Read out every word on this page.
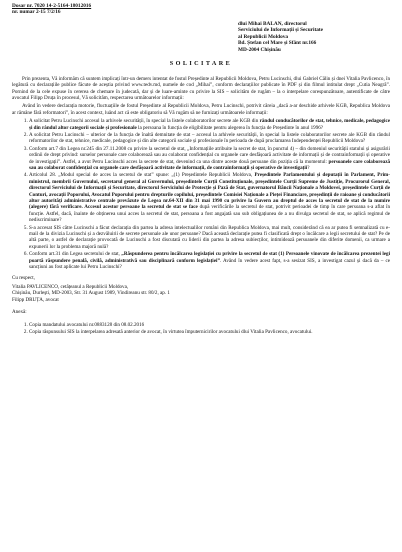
Dosar nr. 7020 14-2-5164-18012016
nr. numar 2-15 7/2/16
dlui Mihai BALAN, directorul
Serviciului de Informații și Securitate
al Republicii Moldova
Bd. Ștefan cel Mare și Sfânt nr.166
MD-2004 Chișinău
SOLICITARE

Prin prezenta, Vă informăm că suntem implicați într-un demers intentat de fostul Președinte al Republicii Moldova, Petru Lucinschi, dlui Gabriel Călin și dnei Vitalia Pavlicenco, în legătură cu declarațiile publice făcute de aceștia privind www.tedv.md, numele de cod „Mihai”, conform declarațiilor publicate în PDF și din filmul intitulat drept „Cutia Neagră”. Pornind de la cele expuse în cererea de chemare în judecată, dar și de luare-aminte cu privire la SIS – solicităm de rugăm – la o interpelare corespunzătoare, autentificate de către avocatul Filipp Druța în procesul, Vă solicităm, respectarea următoarelor informații:

Având în vedere declarația motorie, fluctuațiile de fostul Președinte al Republicii Moldova, Petru Lucinschi, potrivit căreia „dacă a-ar deschide arhivele KGB, Republica Moldova ar rămâne fără reformatori”, în acest context, luând act că este obligatoriu să Vă rugăm să ne furnizați următoarele informații:

1. A solicitat Petru Lucinschi accesul la arhivele securității, în special la listele colaboratorilor secrete ale KGB din rândul conducătorilor de stat, tehnice, medicale, pedagogice și din rândul altor categorii sociale și profesionale la persoana în funcția de eligibilitate pentru alegerea în funcția de Președinte în anul 1996?
2. A solicitat Petru Lucinschi – ulterior de la funcția de înaltă demnitate de stat – accesul la arhivele securității, în special la listele colaboratorilor secrete ale KGB din rândul reformatorilor de stat, tehnice, medicale, pedagogice și din alte categorii sociale și profesionale în perioada de după proclamarea Independenței Republicii Moldova?
3. Conform art.7 din Legea nr.245 din 27.11.2008 cu privire la secretul de stat, „Informațiile atribuite la secret de stat, în punctul 4) – din domeniul securității statului și asigurării ordinii de drept privind: surselor personale care colaborează sau au colaborat confidențial cu organele care desfășoară activitate de informații și de contrainformații și operative de investigații”. Astfel, a avut Petru Lucinschi acces la secrete de stat, devenind ca una dintre aceste două persoane din poziția că la momentul: persoanele care colaborează sau au colaborat confidențial cu organele care desfășoară activitate de informații, de contrainformații și operative de investigații?
4. Articolul 28. „Modul special de acces la secretul de stat” spune: „(1) Președintele Republicii Moldova, Președintele Parlamentului și deputații în Parlament, Prim-ministrul, membrii Guvernului, secretarul general al Guvernului, președintele Curții Constituționale, președintele Curții Supreme de Justiție, Procurorul General, directorul Serviciului de Informații și Securitate, directorul Serviciului de Protecție și Pază de Stat, guvernatorul Băncii Naționale a Moldovei, președintele Curții de Conturi, avocații Poporului, Avocatul Poporului pentru drepturile copilului, președintele Comisiei Naționale a Pieței Financiare, președinții de raioane și conducătorii altor autorități administrative centrale prevăzute de Legea nr.64-XII din 31 mai 1990 cu privire la Guvern au dreptul de acces la secretul de stat de la numire (alegere) fără verificare. Accesul acestor persoane la secretul de stat se face după verificările la secretul de stat, potrivit perioadei de timp în care persoana s-a aflat în funcție. Astfel, dacă, înainte de obținerea unui acces la secretul de stat, persoana a fost angajată sau sub obligațiunea de a nu divulga secretul de stat, se aplică regimul de nediscriminare?
5. S-a accesat SIS către Lucinschi a făcut declarația din partea la adresa intelectualilor români din Republica Moldova, mai mult, considerând că ea ar putea fi semnalizată cu e-mail de la divizia Lucinschi și a dezvăluirii de secrete personale ale unor persoane? Dacă această declarație putea fi clasificată drept o încălcare a legii secretului de stat? Pe de altă parte, o astfel de declarație provocată de Lucinschi a fost discutată cu liderii din partea la adresa subiecților, intimidează persoanele din diferite domenii, ca urmare a expunerii lor la problema majoră nulă?
6. Conform art.31 din Legea secretului de stat, „Răspunderea pentru încălcarea legislației cu privire la secretul de stat (1) Persoanele vinovate de încălcarea prezentei legi poartă răspundere penală, civilă, administrativă sau disciplinară conform legislației”. Având în vedere acest fapt, s-a sesizat SIS, a investigat cazul și dacă da – ce sancțiuni au fost aplicate lui Petru Lucinschi?

Cu respect,

Vitalia PAVLICENCO, cetățeanul a Republicii Moldova,

Chișinău, Durleşti, MD-2003, Str. 31 August 1989, Vindireanu str. 80/2, ap. 1

Filipp DRUȚA, avocat

Anexă:

1. Copia mandatului avocatului nr.0883128 din 08.02.2016
2. Copia răspunsului SIS la interpelarea adresată anterior de avocat, în virtutea împuternicirilor avocatului dlui Vitalia Pavlicenco, avocatului.
